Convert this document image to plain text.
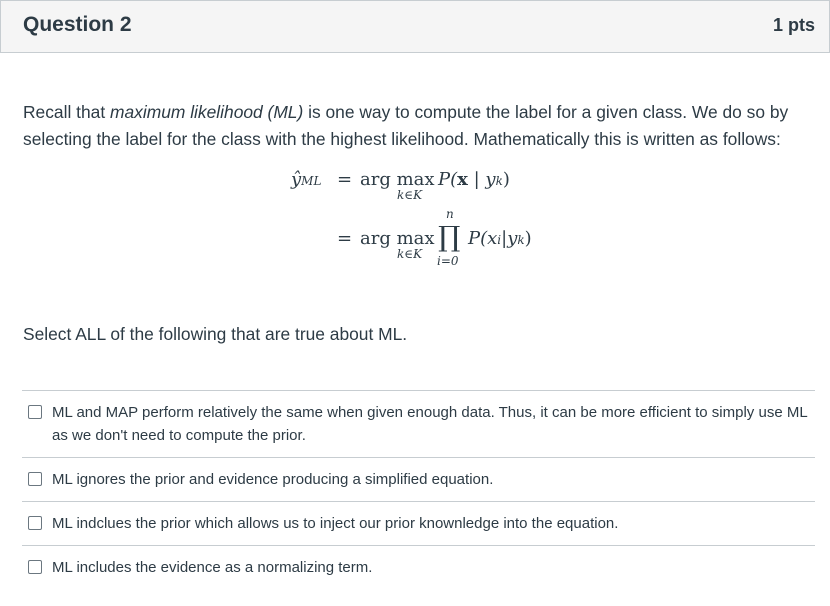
Question 2	1 pts
Recall that maximum likelihood (ML) is one way to compute the label for a given class. We do so by selecting the label for the class with the highest likelihood. Mathematically this is written as follows:
ŷML = arg max
k∈K
P(x | yk)
n
= arg max
k∈K
∏
i=0
P(xi|yk)
Select ALL of the following that are true about ML.
ML and MAP perform relatively the same when given enough data. Thus, it can be more efficient to simply use ML as we don't need to compute the prior.
ML ignores the prior and evidence producing a simplified equation.
ML indclues the prior which allows us to inject our prior knownledge into the equation.
ML includes the evidence as a normalizing term.
